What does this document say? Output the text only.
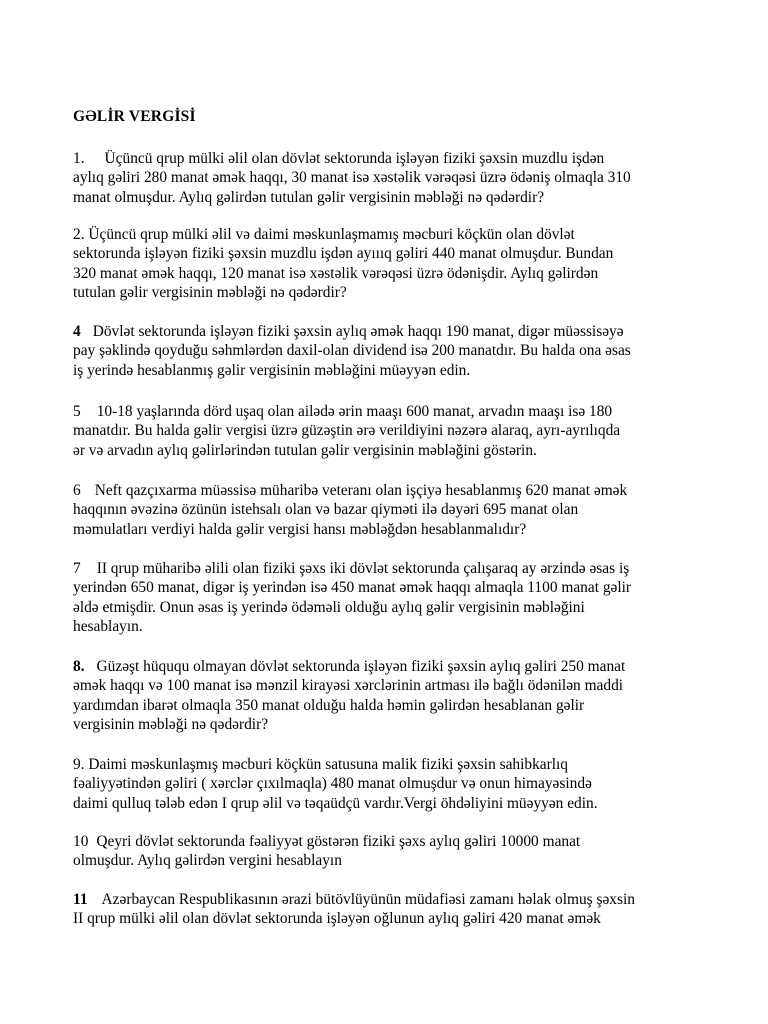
GƏLİR VERGİSİ
1. Üçüncü qrup mülki əlil olan dövlət sektorunda işləyən fiziki şəxsin muzdlu işdən
aylıq gəliri 280 manat əmək haqqı, 30 manat isə xəstəlik vərəqəsi üzrə ödəniş olmaqla 310
manat olmuşdur. Aylıq gəlirdən tutulan gəlir vergisinin məbləği nə qədərdir?
2. Üçüncü qrup mülki əlil və daimi məskunlaşmamış məcburi köçkün olan dövlət
sektorunda işləyən fiziki şəxsin muzdlu işdən ayıııq gəliri 440 manat olmuşdur. Bundan
320 manat əmək haqqı, 120 manat isə xəstəlik vərəqəsi üzrə ödənişdir. Aylıq gəlirdən
tutulan gəlir vergisinin məbləği nə qədərdir?
4 Dövlət sektorunda işləyən fiziki şəxsin aylıq əmək haqqı 190 manat, digər müəssisəyə
pay şəklində qoyduğu səhmlərdən daxil-olan dividend isə 200 manatdır. Bu halda ona əsas
iş yerində hesablanmış gəlir vergisinin məbləğini müəyyən edin.
5 10-18 yaşlarında dörd uşaq olan ailədə ərin maaşı 600 manat, arvadın maaşı isə 180
manatdır. Bu halda gəlir vergisi üzrə güzəştin ərə verildiyini nəzərə alaraq, ayrı-ayrılıqda
ər və arvadın aylıq gəlirlərindən tutulan gəlir vergisinin məbləğini göstərin.
6 Neft qazçıxarma müəssisə müharibə veteranı olan işçiyə hesablanmış 620 manat əmək
haqqının əvəzinə özünün istehsalı olan və bazar qiyməti ilə dəyəri 695 manat olan
məmulatları verdiyi halda gəlir vergisi hansı məbləğdən hesablanmalıdır?
7 II qrup müharibə əlili olan fiziki şəxs iki dövlət sektorunda çalışaraq ay ərzində əsas iş
yerindən 650 manat, digər iş yerindən isə 450 manat əmək haqqı almaqla 1100 manat gəlir
əldə etmişdir. Onun əsas iş yerində ödəməli olduğu aylıq gəlir vergisinin məbləğini
hesablayın.
8. Güzəşt hüququ olmayan dövlət sektorunda işləyən fiziki şəxsin aylıq gəliri 250 manat
əmək haqqı və 100 manat isə mənzil kirayəsi xərclərinin artması ilə bağlı ödənilən maddi
yardımdan ibarət olmaqla 350 manat olduğu halda həmin gəlirdən hesablanan gəlir
vergisinin məbləği nə qədərdir?
9. Daimi məskunlaşmış məcburi köçkün satusuna malik fiziki şəxsin sahibkarlıq
fəaliyyətindən gəliri ( xərclər çıxılmaqla) 480 manat olmuşdur və onun himayəsində
daimi qulluq tələb edən I qrup əlil və təqaüdçü vardır.Vergi öhdəliyini müəyyən edin.
10 Qeyri dövlət sektorunda fəaliyyət göstərən fiziki şəxs aylıq gəliri 10000 manat
olmuşdur. Aylıq gəlirdən vergini hesablayın
11 Azərbaycan Respublikasının ərazi bütövlüyünün müdafiəsi zamanı həlak olmuş şəxsin
II qrup mülki əlil olan dövlət sektorunda işləyən oğlunun aylıq gəliri 420 manat əmək
